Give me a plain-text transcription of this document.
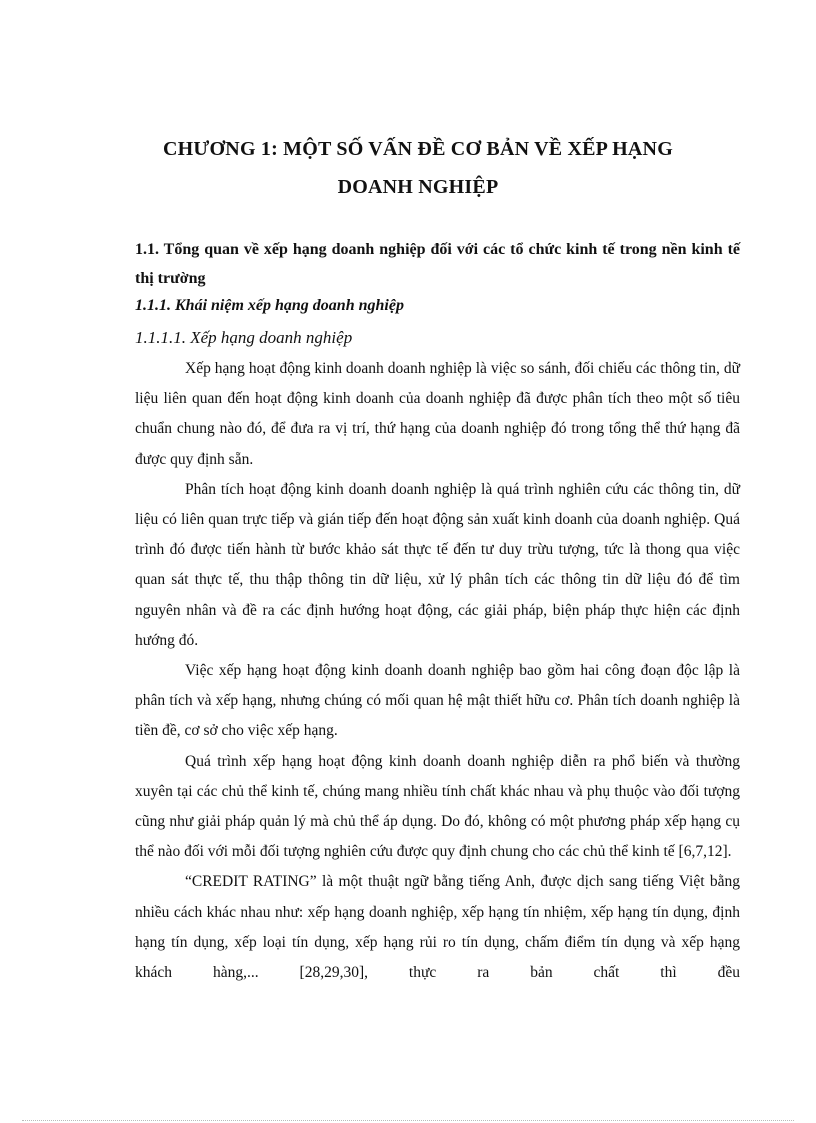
CHƯƠNG 1: MỘT SỐ VẤN ĐỀ CƠ BẢN VỀ XẾP HẠNG
DOANH NGHIỆP
1.1. Tổng quan về xếp hạng doanh nghiệp đối với các tổ chức kinh tế trong nền kinh tế thị trường
1.1.1. Khái niệm xếp hạng doanh nghiệp
1.1.1.1. Xếp hạng doanh nghiệp

Xếp hạng hoạt động kinh doanh doanh nghiệp là việc so sánh, đối chiếu các thông tin, dữ liệu liên quan đến hoạt động kinh doanh của doanh nghiệp đã được phân tích theo một số tiêu chuẩn chung nào đó, để đưa ra vị trí, thứ hạng của doanh nghiệp đó trong tổng thể thứ hạng đã được quy định sẵn.

Phân tích hoạt động kinh doanh doanh nghiệp là quá trình nghiên cứu các thông tin, dữ liệu có liên quan trực tiếp và gián tiếp đến hoạt động sản xuất kinh doanh của doanh nghiệp. Quá trình đó được tiến hành từ bước khảo sát thực tế đến tư duy trừu tượng, tức là thong qua việc quan sát thực tế, thu thập thông tin dữ liệu, xử lý phân tích các thông tin dữ liệu đó để tìm nguyên nhân và đề ra các định hướng hoạt động, các giải pháp, biện pháp thực hiện các định hướng đó.

Việc xếp hạng hoạt động kinh doanh doanh nghiệp bao gồm hai công đoạn độc lập là phân tích và xếp hạng, nhưng chúng có mối quan hệ mật thiết hữu cơ. Phân tích doanh nghiệp là tiền đề, cơ sở cho việc xếp hạng.

Quá trình xếp hạng hoạt động kinh doanh doanh nghiệp diễn ra phổ biến và thường xuyên tại các chủ thể kinh tế, chúng mang nhiều tính chất khác nhau và phụ thuộc vào đối tượng cũng như giải pháp quản lý mà chủ thể áp dụng. Do đó, không có một phương pháp xếp hạng cụ thể nào đối với mỗi đối tượng nghiên cứu được quy định chung cho các chủ thể kinh tế [6,7,12].

“CREDIT RATING” là một thuật ngữ bằng tiếng Anh, được dịch sang tiếng Việt bằng nhiều cách khác nhau như: xếp hạng doanh nghiệp, xếp hạng tín nhiệm, xếp hạng tín dụng, định hạng tín dụng, xếp loại tín dụng, xếp hạng rủi ro tín dụng, chấm điểm tín dụng và xếp hạng khách hàng,... [28,29,30], thực ra bản chất thì đều
